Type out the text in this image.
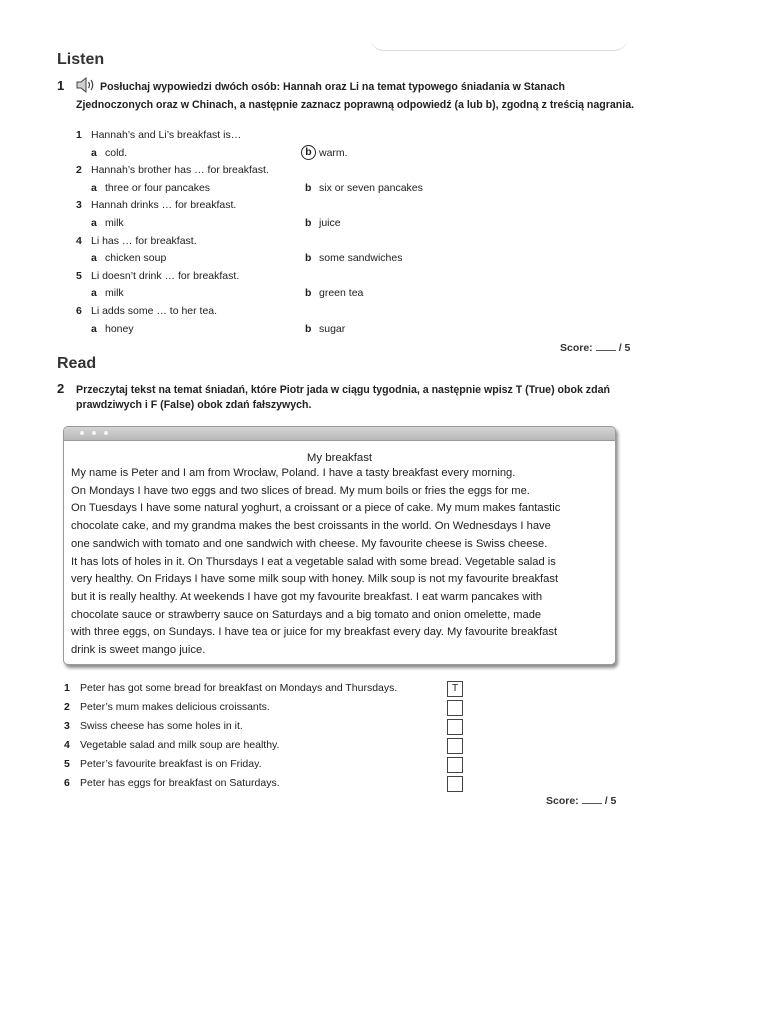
Listen
1	Posłuchaj wypowiedzi dwóch osób: Hannah oraz Li na temat typowego śniadania w Stanach Zjednoczonych oraz w Chinach, a następnie zaznacz poprawną odpowiedź (a lub b), zgodną z treścią nagrania.
1 Hannah’s and Li’s breakfast is…
a cold.	b warm.
2 Hannah’s brother has … for breakfast.
a three or four pancakes	b six or seven pancakes
3 Hannah drinks … for breakfast.
a milk	b juice
4 Li has … for breakfast.
a chicken soup	b some sandwiches
5 Li doesn’t drink … for breakfast.
a milk	b green tea
6 Li adds some … to her tea.
a honey	b sugar
Score: / 5
Read
2 Przeczytaj tekst na temat śniadań, które Piotr jada w ciągu tygodnia, a następnie wpisz T (True) obok zdań prawdziwych i F (False) obok zdań fałszywych.
My breakfast
My name is Peter and I am from Wrocław, Poland. I have a tasty breakfast every morning.
On Mondays I have two eggs and two slices of bread. My mum boils or fries the eggs for me.
On Tuesdays I have some natural yoghurt, a croissant or a piece of cake. My mum makes fantastic
chocolate cake, and my grandma makes the best croissants in the world. On Wednesdays I have
one sandwich with tomato and one sandwich with cheese. My favourite cheese is Swiss cheese.
It has lots of holes in it. On Thursdays I eat a vegetable salad with some bread. Vegetable salad is
very healthy. On Fridays I have some milk soup with honey. Milk soup is not my favourite breakfast
but it is really healthy. At weekends I have got my favourite breakfast. I eat warm pancakes with
chocolate sauce or strawberry sauce on Saturdays and a big tomato and onion omelette, made
with three eggs, on Sundays. I have tea or juice for my breakfast every day. My favourite breakfast
drink is sweet mango juice.
1 Peter has got some bread for breakfast on Mondays and Thursdays.	T
2 Peter’s mum makes delicious croissants.
3 Swiss cheese has some holes in it.
4 Vegetable salad and milk soup are healthy.
5 Peter’s favourite breakfast is on Friday.
6 Peter has eggs for breakfast on Saturdays.
Score: / 5
